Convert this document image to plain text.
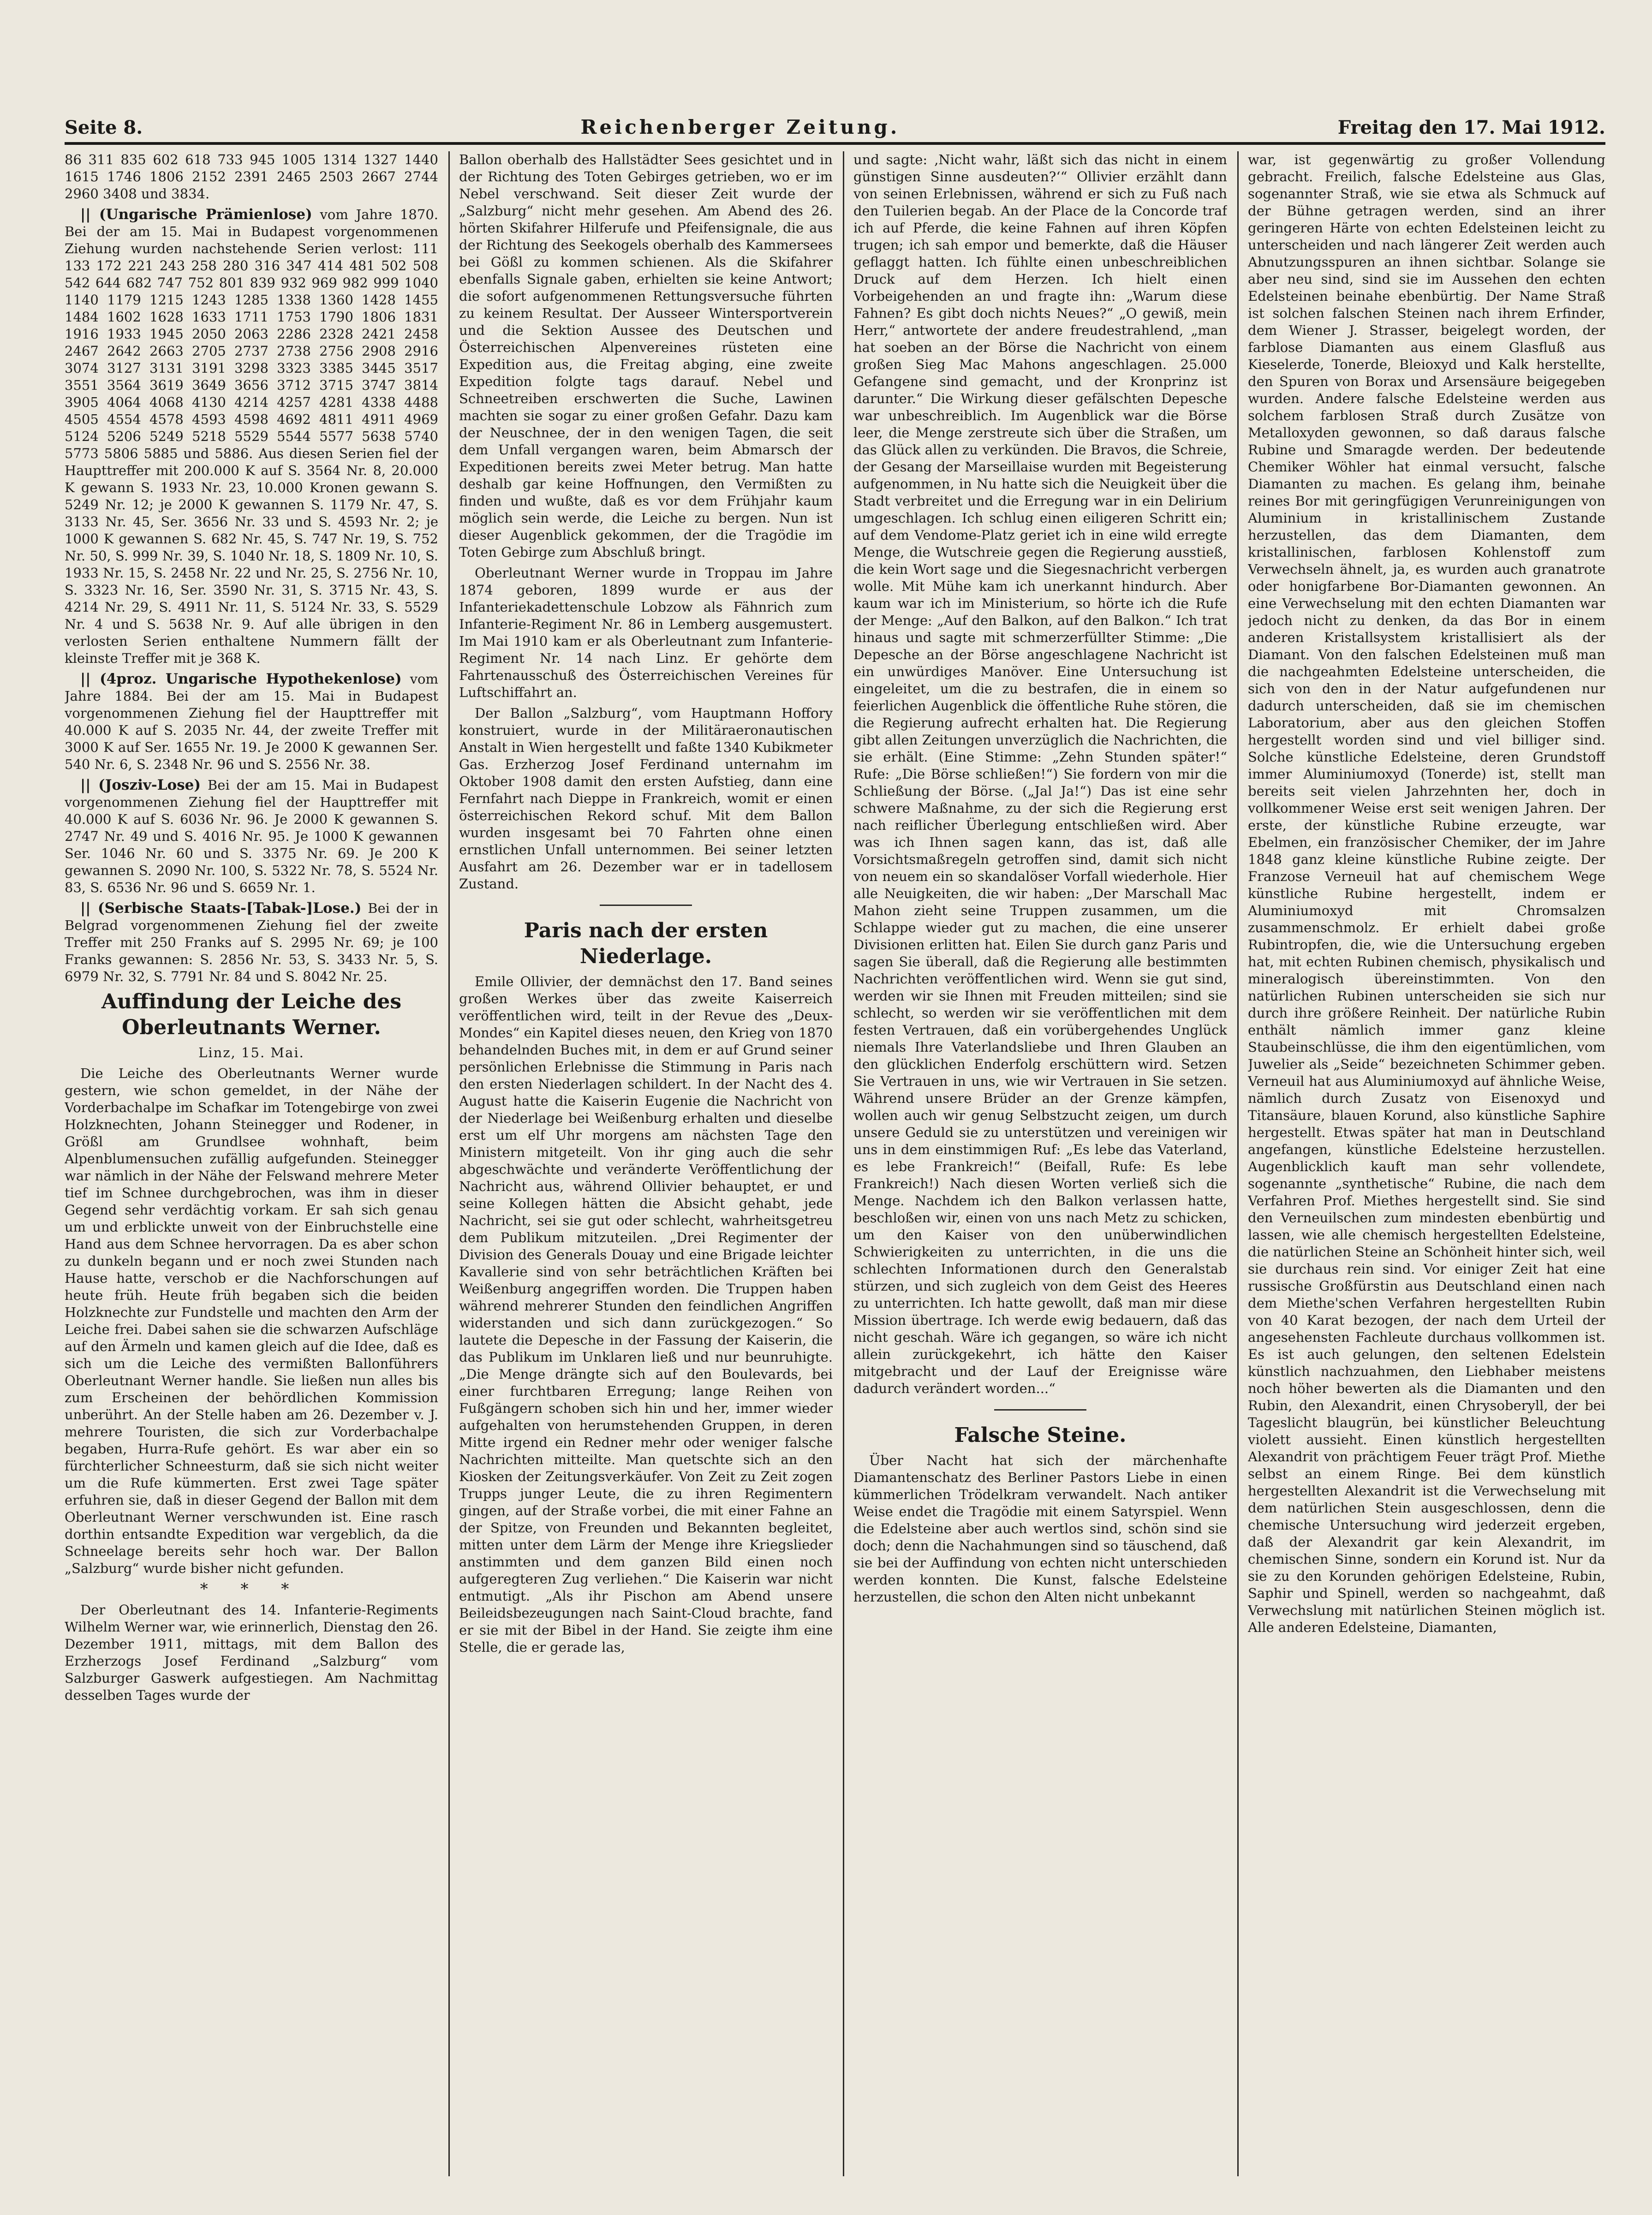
Seite 8.	Reichenberger Zeitung.	Freitag den 17. Mai 1912.

86 311 835 602 618 733 945 1005 1314 1327 1440 1615 1746 1806 2152 2391 2465 2503 2667 2744 2960 3408 und 3834.

|| (Ungarische Prämienlose) vom Jahre 1870. Bei der am 15. Mai in Budapest vorgenommenen Ziehung wurden nachstehende Serien verlost: 111 133 172 221 243 258 280 316 347 414 481 502 508 542 644 682 747 752 801 839 932 969 982 999 1040 1140 1179 1215 1243 1285 1338 1360 1428 1455 1484 1602 1628 1633 1711 1753 1790 1806 1831 1916 1933 1945 2050 2063 2286 2328 2421 2458 2467 2642 2663 2705 2737 2738 2756 2908 2916 3074 3127 3131 3191 3298 3323 3385 3445 3517 3551 3564 3619 3649 3656 3712 3715 3747 3814 3905 4064 4068 4130 4214 4257 4281 4338 4488 4505 4554 4578 4593 4598 4692 4811 4911 4969 5124 5206 5249 5218 5529 5544 5577 5638 5740 5773 5806 5885 und 5886. Aus diesen Serien fiel der Haupttreffer mit 200.000 K auf S. 3564 Nr. 8, 20.000 K gewann S. 1933 Nr. 23, 10.000 Kronen gewann S. 5249 Nr. 12; je 2000 K gewannen S. 1179 Nr. 47, S. 3133 Nr. 45, Ser. 3656 Nr. 33 und S. 4593 Nr. 2; je 1000 K gewannen S. 682 Nr. 45, S. 747 Nr. 19, S. 752 Nr. 50, S. 999 Nr. 39, S. 1040 Nr. 18, S. 1809 Nr. 10, S. 1933 Nr. 15, S. 2458 Nr. 22 und Nr. 25, S. 2756 Nr. 10, S. 3323 Nr. 16, Ser. 3590 Nr. 31, S. 3715 Nr. 43, S. 4214 Nr. 29, S. 4911 Nr. 11, S. 5124 Nr. 33, S. 5529 Nr. 4 und S. 5638 Nr. 9. Auf alle übrigen in den verlosten Serien enthaltene Nummern fällt der kleinste Treffer mit je 368 K.

|| (4proz. Ungarische Hypothekenlose) vom Jahre 1884. Bei der am 15. Mai in Budapest vorgenommenen Ziehung fiel der Haupttreffer mit 40.000 K auf S. 2035 Nr. 44, der zweite Treffer mit 3000 K auf Ser. 1655 Nr. 19. Je 2000 K gewannen Ser. 540 Nr. 6, S. 2348 Nr. 96 und S. 2556 Nr. 38.

|| (Josziv-Lose) Bei der am 15. Mai in Budapest vorgenommenen Ziehung fiel der Haupttreffer mit 40.000 K auf S. 6036 Nr. 96. Je 2000 K gewannen S. 2747 Nr. 49 und S. 4016 Nr. 95. Je 1000 K gewannen Ser. 1046 Nr. 60 und S. 3375 Nr. 69. Je 200 K gewannen S. 2090 Nr. 100, S. 5322 Nr. 78, S. 5524 Nr. 83, S. 6536 Nr. 96 und S. 6659 Nr. 1.

|| (Serbische Staats-[Tabak-]Lose.) Bei der in Belgrad vorgenommenen Ziehung fiel der zweite Treffer mit 250 Franks auf S. 2995 Nr. 69; je 100 Franks gewannen: S. 2856 Nr. 53, S. 3433 Nr. 5, S. 6979 Nr. 32, S. 7791 Nr. 84 und S. 8042 Nr. 25.

Auffindung der Leiche des Oberleutnants Werner.

Linz, 15. Mai.

Die Leiche des Oberleutnants Werner wurde gestern, wie schon gemeldet, in der Nähe der Vorderbachalpe im Schafkar im Totengebirge von zwei Holzknechten, Johann Steinegger und Rodener, in Größl am Grundlsee wohnhaft, beim Alpenblumensuchen zufällig aufgefunden. Steinegger war nämlich in der Nähe der Felswand mehrere Meter tief im Schnee durchgebrochen, was ihm in dieser Gegend sehr verdächtig vorkam. Er sah sich genau um und erblickte unweit von der Einbruchstelle eine Hand aus dem Schnee hervorragen. Da es aber schon zu dunkeln begann und er noch zwei Stunden nach Hause hatte, verschob er die Nachforschungen auf heute früh. Heute früh begaben sich die beiden Holzknechte zur Fundstelle und machten den Arm der Leiche frei. Dabei sahen sie die schwarzen Aufschläge auf den Ärmeln und kamen gleich auf die Idee, daß es sich um die Leiche des vermißten Ballonführers Oberleutnant Werner handle. Sie ließen nun alles bis zum Erscheinen der behördlichen Kommission unberührt. An der Stelle haben am 26. Dezember v. J. mehrere Touristen, die sich zur Vorderbachalpe begaben, Hurra-Rufe gehört. Es war aber ein so fürchterlicher Schneesturm, daß sie sich nicht weiter um die Rufe kümmerten. Erst zwei Tage später erfuhren sie, daß in dieser Gegend der Ballon mit dem Oberleutnant Werner verschwunden ist. Eine rasch dorthin entsandte Expedition war vergeblich, da die Schneelage bereits sehr hoch war. Der Ballon „Salzburg“ wurde bisher nicht gefunden.

* * *

Der Oberleutnant des 14. Infanterie-Regiments Wilhelm Werner war, wie erinnerlich, Dienstag den 26. Dezember 1911, mittags, mit dem Ballon des Erzherzogs Josef Ferdinand „Salzburg“ vom Salzburger Gaswerk aufgestiegen. Am Nachmittag desselben Tages wurde der

Ballon oberhalb des Hallstädter Sees gesichtet und in der Richtung des Toten Gebirges getrieben, wo er im Nebel verschwand. Seit dieser Zeit wurde der „Salzburg“ nicht mehr gesehen. Am Abend des 26. hörten Skifahrer Hilferufe und Pfeifensignale, die aus der Richtung des Seekogels oberhalb des Kammersees bei Gößl zu kommen schienen. Als die Skifahrer ebenfalls Signale gaben, erhielten sie keine Antwort; die sofort aufgenommenen Rettungsversuche führten zu keinem Resultat. Der Ausseer Wintersportverein und die Sektion Aussee des Deutschen und Österreichischen Alpenvereines rüsteten eine Expedition aus, die Freitag abging, eine zweite Expedition folgte tags darauf. Nebel und Schneetreiben erschwerten die Suche, Lawinen machten sie sogar zu einer großen Gefahr. Dazu kam der Neuschnee, der in den wenigen Tagen, die seit dem Unfall vergangen waren, beim Abmarsch der Expeditionen bereits zwei Meter betrug. Man hatte deshalb gar keine Hoffnungen, den Vermißten zu finden und wußte, daß es vor dem Frühjahr kaum möglich sein werde, die Leiche zu bergen. Nun ist dieser Augenblick gekommen, der die Tragödie im Toten Gebirge zum Abschluß bringt.

Oberleutnant Werner wurde in Troppau im Jahre 1874 geboren, 1899 wurde er aus der Infanteriekadettenschule Lobzow als Fähnrich zum Infanterie-Regiment Nr. 86 in Lemberg ausgemustert. Im Mai 1910 kam er als Oberleutnant zum Infanterie-Regiment Nr. 14 nach Linz. Er gehörte dem Fahrtenausschuß des Österreichischen Vereines für Luftschiffahrt an.

Der Ballon „Salzburg“, vom Hauptmann Hoffory konstruiert, wurde in der Militäraeronautischen Anstalt in Wien hergestellt und faßte 1340 Kubikmeter Gas. Erzherzog Josef Ferdinand unternahm im Oktober 1908 damit den ersten Aufstieg, dann eine Fernfahrt nach Dieppe in Frankreich, womit er einen österreichischen Rekord schuf. Mit dem Ballon wurden insgesamt bei 70 Fahrten ohne einen ernstlichen Unfall unternommen. Bei seiner letzten Ausfahrt am 26. Dezember war er in tadellosem Zustand.

Paris nach der ersten Niederlage.

Emile Ollivier, der demnächst den 17. Band seines großen Werkes über das zweite Kaiserreich veröffentlichen wird, teilt in der Revue des „Deux-Mondes“ ein Kapitel dieses neuen, den Krieg von 1870 behandelnden Buches mit, in dem er auf Grund seiner persönlichen Erlebnisse die Stimmung in Paris nach den ersten Niederlagen schildert. In der Nacht des 4. August hatte die Kaiserin Eugenie die Nachricht von der Niederlage bei Weißenburg erhalten und dieselbe erst um elf Uhr morgens am nächsten Tage den Ministern mitgeteilt. Von ihr ging auch die sehr abgeschwächte und veränderte Veröffentlichung der Nachricht aus, während Ollivier behauptet, er und seine Kollegen hätten die Absicht gehabt, jede Nachricht, sei sie gut oder schlecht, wahrheitsgetreu dem Publikum mitzuteilen. „Drei Regimenter der Division des Generals Douay und eine Brigade leichter Kavallerie sind von sehr beträchtlichen Kräften bei Weißenburg angegriffen worden. Die Truppen haben während mehrerer Stunden den feindlichen Angriffen widerstanden und sich dann zurückgezogen.“ So lautete die Depesche in der Fassung der Kaiserin, die das Publikum im Unklaren ließ und nur beunruhigte. „Die Menge drängte sich auf den Boulevards, bei einer furchtbaren Erregung; lange Reihen von Fußgängern schoben sich hin und her, immer wieder aufgehalten von herumstehenden Gruppen, in deren Mitte irgend ein Redner mehr oder weniger falsche Nachrichten mitteilte. Man quetschte sich an den Kiosken der Zeitungsverkäufer. Von Zeit zu Zeit zogen Trupps junger Leute, die zu ihren Regimentern gingen, auf der Straße vorbei, die mit einer Fahne an der Spitze, von Freunden und Bekannten begleitet, mitten unter dem Lärm der Menge ihre Kriegslieder anstimmten und dem ganzen Bild einen noch aufgeregteren Zug verliehen.“ Die Kaiserin war nicht entmutigt. „Als ihr Pischon am Abend unsere Beileidsbezeugungen nach Saint-Cloud brachte, fand er sie mit der Bibel in der Hand. Sie zeigte ihm eine Stelle, die er gerade las,

und sagte: ‚Nicht wahr, läßt sich das nicht in einem günstigen Sinne ausdeuten?‘“ Ollivier erzählt dann von seinen Erlebnissen, während er sich zu Fuß nach den Tuilerien begab. An der Place de la Concorde traf ich auf Pferde, die keine Fahnen auf ihren Köpfen trugen; ich sah empor und bemerkte, daß die Häuser geflaggt hatten. Ich fühlte einen unbeschreiblichen Druck auf dem Herzen. Ich hielt einen Vorbeigehenden an und fragte ihn: „Warum diese Fahnen? Es gibt doch nichts Neues?“ „O gewiß, mein Herr,“ antwortete der andere freudestrahlend, „man hat soeben an der Börse die Nachricht von einem großen Sieg Mac Mahons angeschlagen. 25.000 Gefangene sind gemacht, und der Kronprinz ist darunter.“ Die Wirkung dieser gefälschten Depesche war unbeschreiblich. Im Augenblick war die Börse leer, die Menge zerstreute sich über die Straßen, um das Glück allen zu verkünden. Die Bravos, die Schreie, der Gesang der Marseillaise wurden mit Begeisterung aufgenommen, in Nu hatte sich die Neuigkeit über die Stadt verbreitet und die Erregung war in ein Delirium umgeschlagen. Ich schlug einen eiligeren Schritt ein; auf dem Vendome-Platz geriet ich in eine wild erregte Menge, die Wutschreie gegen die Regierung ausstieß, die kein Wort sage und die Siegesnachricht verbergen wolle. Mit Mühe kam ich unerkannt hindurch. Aber kaum war ich im Ministerium, so hörte ich die Rufe der Menge: „Auf den Balkon, auf den Balkon.“ Ich trat hinaus und sagte mit schmerzerfüllter Stimme: „Die Depesche an der Börse angeschlagene Nachricht ist ein unwürdiges Manöver. Eine Untersuchung ist eingeleitet, um die zu bestrafen, die in einem so feierlichen Augenblick die öffentliche Ruhe stören, die die Regierung aufrecht erhalten hat. Die Regierung gibt allen Zeitungen unverzüglich die Nachrichten, die sie erhält. (Eine Stimme: „Zehn Stunden später!“ Rufe: „Die Börse schließen!“) Sie fordern von mir die Schließung der Börse. („Jal Ja!“) Das ist eine sehr schwere Maßnahme, zu der sich die Regierung erst nach reiflicher Überlegung entschließen wird. Aber was ich Ihnen sagen kann, das ist, daß alle Vorsichtsmaßregeln getroffen sind, damit sich nicht von neuem ein so skandalöser Vorfall wiederhole. Hier alle Neuigkeiten, die wir haben: „Der Marschall Mac Mahon zieht seine Truppen zusammen, um die Schlappe wieder gut zu machen, die eine unserer Divisionen erlitten hat. Eilen Sie durch ganz Paris und sagen Sie überall, daß die Regierung alle bestimmten Nachrichten veröffentlichen wird. Wenn sie gut sind, werden wir sie Ihnen mit Freuden mitteilen; sind sie schlecht, so werden wir sie veröffentlichen mit dem festen Vertrauen, daß ein vorübergehendes Unglück niemals Ihre Vaterlandsliebe und Ihren Glauben an den glücklichen Enderfolg erschüttern wird. Setzen Sie Vertrauen in uns, wie wir Vertrauen in Sie setzen. Während unsere Brüder an der Grenze kämpfen, wollen auch wir genug Selbstzucht zeigen, um durch unsere Geduld sie zu unterstützen und vereinigen wir uns in dem einstimmigen Ruf: „Es lebe das Vaterland, es lebe Frankreich!“ (Beifall, Rufe: Es lebe Frankreich!) Nach diesen Worten verließ sich die Menge. Nachdem ich den Balkon verlassen hatte, beschloßen wir, einen von uns nach Metz zu schicken, um den Kaiser von den unüberwindlichen Schwierigkeiten zu unterrichten, in die uns die schlechten Informationen durch den Generalstab stürzen, und sich zugleich von dem Geist des Heeres zu unterrichten. Ich hatte gewollt, daß man mir diese Mission übertrage. Ich werde ewig bedauern, daß das nicht geschah. Wäre ich gegangen, so wäre ich nicht allein zurückgekehrt, ich hätte den Kaiser mitgebracht und der Lauf der Ereignisse wäre dadurch verändert worden...“

Falsche Steine.

Über Nacht hat sich der märchenhafte Diamantenschatz des Berliner Pastors Liebe in einen kümmerlichen Trödelkram verwandelt. Nach antiker Weise endet die Tragödie mit einem Satyrspiel. Wenn die Edelsteine aber auch wertlos sind, schön sind sie doch; denn die Nachahmungen sind so täuschend, daß sie bei der Auffindung von echten nicht unterschieden werden konnten. Die Kunst, falsche Edelsteine herzustellen, die schon den Alten nicht unbekannt

war, ist gegenwärtig zu großer Vollendung gebracht. Freilich, falsche Edelsteine aus Glas, sogenannter Straß, wie sie etwa als Schmuck auf der Bühne getragen werden, sind an ihrer geringeren Härte von echten Edelsteinen leicht zu unterscheiden und nach längerer Zeit werden auch Abnutzungsspuren an ihnen sichtbar. Solange sie aber neu sind, sind sie im Aussehen den echten Edelsteinen beinahe ebenbürtig. Der Name Straß ist solchen falschen Steinen nach ihrem Erfinder, dem Wiener J. Strasser, beigelegt worden, der farblose Diamanten aus einem Glasfluß aus Kieselerde, Tonerde, Bleioxyd und Kalk herstellte, den Spuren von Borax und Arsensäure beigegeben wurden. Andere falsche Edelsteine werden aus solchem farblosen Straß durch Zusätze von Metalloxyden gewonnen, so daß daraus falsche Rubine und Smaragde werden. Der bedeutende Chemiker Wöhler hat einmal versucht, falsche Diamanten zu machen. Es gelang ihm, beinahe reines Bor mit geringfügigen Verunreinigungen von Aluminium in kristallinischem Zustande herzustellen, das dem Diamanten, dem kristallinischen, farblosen Kohlenstoff zum Verwechseln ähnelt, ja, es wurden auch granatrote oder honigfarbene Bor-Diamanten gewonnen. An eine Verwechselung mit den echten Diamanten war jedoch nicht zu denken, da das Bor in einem anderen Kristallsystem kristallisiert als der Diamant. Von den falschen Edelsteinen muß man die nachgeahmten Edelsteine unterscheiden, die sich von den in der Natur aufgefundenen nur dadurch unterscheiden, daß sie im chemischen Laboratorium, aber aus den gleichen Stoffen hergestellt worden sind und viel billiger sind. Solche künstliche Edelsteine, deren Grundstoff immer Aluminiumoxyd (Tonerde) ist, stellt man bereits seit vielen Jahrzehnten her, doch in vollkommener Weise erst seit wenigen Jahren. Der erste, der künstliche Rubine erzeugte, war Ebelmen, ein französischer Chemiker, der im Jahre 1848 ganz kleine künstliche Rubine zeigte. Der Franzose Verneuil hat auf chemischem Wege künstliche Rubine hergestellt, indem er Aluminiumoxyd mit Chromsalzen zusammenschmolz. Er erhielt dabei große Rubintropfen, die, wie die Untersuchung ergeben hat, mit echten Rubinen chemisch, physikalisch und mineralogisch übereinstimmten. Von den natürlichen Rubinen unterscheiden sie sich nur durch ihre größere Reinheit. Der natürliche Rubin enthält nämlich immer ganz kleine Staubeinschlüsse, die ihm den eigentümlichen, vom Juwelier als „Seide“ bezeichneten Schimmer geben. Verneuil hat aus Aluminiumoxyd auf ähnliche Weise, nämlich durch Zusatz von Eisenoxyd und Titansäure, blauen Korund, also künstliche Saphire hergestellt. Etwas später hat man in Deutschland angefangen, künstliche Edelsteine herzustellen. Augenblicklich kauft man sehr vollendete, sogenannte „synthetische“ Rubine, die nach dem Verfahren Prof. Miethes hergestellt sind. Sie sind den Verneuilschen zum mindesten ebenbürtig und lassen, wie alle chemisch hergestellten Edelsteine, die natürlichen Steine an Schönheit hinter sich, weil sie durchaus rein sind. Vor einiger Zeit hat eine russische Großfürstin aus Deutschland einen nach dem Miethe'schen Verfahren hergestellten Rubin von 40 Karat bezogen, der nach dem Urteil der angesehensten Fachleute durchaus vollkommen ist. Es ist auch gelungen, den seltenen Edelstein künstlich nachzuahmen, den Liebhaber meistens noch höher bewerten als die Diamanten und den Rubin, den Alexandrit, einen Chrysoberyll, der bei Tageslicht blaugrün, bei künstlicher Beleuchtung violett aussieht. Einen künstlich hergestellten Alexandrit von prächtigem Feuer trägt Prof. Miethe selbst an einem Ringe. Bei dem künstlich hergestellten Alexandrit ist die Verwechselung mit dem natürlichen Stein ausgeschlossen, denn die chemische Untersuchung wird jederzeit ergeben, daß der Alexandrit gar kein Alexandrit, im chemischen Sinne, sondern ein Korund ist. Nur da sie zu den Korunden gehörigen Edelsteine, Rubin, Saphir und Spinell, werden so nachgeahmt, daß Verwechslung mit natürlichen Steinen möglich ist. Alle anderen Edelsteine, Diamanten,
